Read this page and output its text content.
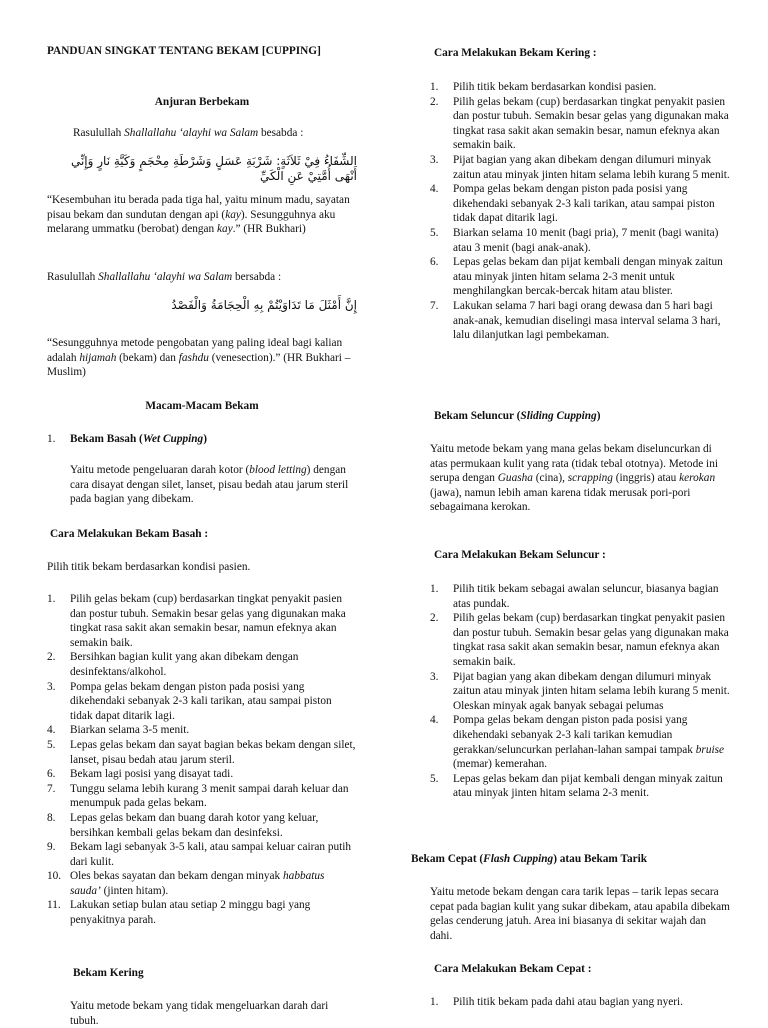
PANDUAN SINGKAT TENTANG BEKAM [CUPPING]
Anjuran Berbekam
Rasulullah Shallallahu ‘alayhi wa Salam besabda :
الشِّفَاءُ فِيْ ثَلاَثَةٍ: شَرْبَةِ عَسَلٍ وَشَرْطَةِ مِحْجَمٍ وَكَيَّةِ نَارٍ وَإِنِّي أَنْهَى أُمَّتِيْ عَنِ الْكَيِّ
“Kesembuhan itu berada pada tiga hal, yaitu minum madu, sayatan pisau bekam dan sundutan dengan api (kay). Sesungguhnya aku melarang ummatku (berobat) dengan kay.” (HR Bukhari)
Rasulullah Shallallahu ‘alayhi wa Salam bersabda :
إِنَّ أَمْثَلَ مَا تَدَاوَيْتُمْ بِهِ الْحِجَامَةُ وَالْفَصْدُ
“Sesungguhnya metode pengobatan yang paling ideal bagi kalian adalah hijamah (bekam) dan fashdu (venesection).” (HR Bukhari – Muslim)
Macam-Macam Bekam
1. Bekam Basah (Wet Cupping)
Yaitu metode pengeluaran darah kotor (blood letting) dengan cara disayat dengan silet, lanset, pisau bedah atau jarum steril pada bagian yang dibekam.
Cara Melakukan Bekam Basah :
Pilih titik bekam berdasarkan kondisi pasien.
1. Pilih gelas bekam (cup) berdasarkan tingkat penyakit pasien dan postur tubuh. Semakin besar gelas yang digunakan maka tingkat rasa sakit akan semakin besar, namun efeknya akan semakin baik.
2. Bersihkan bagian kulit yang akan dibekam dengan desinfektans/alkohol.
3. Pompa gelas bekam dengan piston pada posisi yang dikehendaki sebanyak 2-3 kali tarikan, atau sampai piston tidak dapat ditarik lagi.
4. Biarkan selama 3-5 menit.
5. Lepas gelas bekam dan sayat bagian bekas bekam dengan silet, lanset, pisau bedah atau jarum steril.
6. Bekam lagi posisi yang disayat tadi.
7. Tunggu selama lebih kurang 3 menit sampai darah keluar dan menumpuk pada gelas bekam.
8. Lepas gelas bekam dan buang darah kotor yang keluar, bersihkan kembali gelas bekam dan desinfeksi.
9. Bekam lagi sebanyak 3-5 kali, atau sampai keluar cairan putih dari kulit.
10. Oles bekas sayatan dan bekam dengan minyak habbatus sauda’ (jinten hitam).
11. Lakukan setiap bulan atau setiap 2 minggu bagi yang penyakitnya parah.
Bekam Kering
Yaitu metode bekam yang tidak mengeluarkan darah dari tubuh.
Cara Melakukan Bekam Kering :
1. Pilih titik bekam berdasarkan kondisi pasien.
2. Pilih gelas bekam (cup) berdasarkan tingkat penyakit pasien dan postur tubuh. Semakin besar gelas yang digunakan maka tingkat rasa sakit akan semakin besar, namun efeknya akan semakin baik.
3. Pijat bagian yang akan dibekam dengan dilumuri minyak zaitun atau minyak jinten hitam selama lebih kurang 5 menit.
4. Pompa gelas bekam dengan piston pada posisi yang dikehendaki sebanyak 2-3 kali tarikan, atau sampai piston tidak dapat ditarik lagi.
5. Biarkan selama 10 menit (bagi pria), 7 menit (bagi wanita) atau 3 menit (bagi anak-anak).
6. Lepas gelas bekam dan pijat kembali dengan minyak zaitun atau minyak jinten hitam selama 2-3 menit untuk menghilangkan bercak-bercak hitam atau blister.
7. Lakukan selama 7 hari bagi orang dewasa dan 5 hari bagi anak-anak, kemudian diselingi masa interval selama 3 hari, lalu dilanjutkan lagi pembekaman.
Bekam Seluncur (Sliding Cupping)
Yaitu metode bekam yang mana gelas bekam diseluncurkan di atas permukaan kulit yang rata (tidak tebal ototnya). Metode ini serupa dengan Guasha (cina), scrapping (inggris) atau kerokan (jawa), namun lebih aman karena tidak merusak pori-pori sebagaimana kerokan.
Cara Melakukan Bekam Seluncur :
1. Pilih titik bekam sebagai awalan seluncur, biasanya bagian atas pundak.
2. Pilih gelas bekam (cup) berdasarkan tingkat penyakit pasien dan postur tubuh. Semakin besar gelas yang digunakan maka tingkat rasa sakit akan semakin besar, namun efeknya akan semakin baik.
3. Pijat bagian yang akan dibekam dengan dilumuri minyak zaitun atau minyak jinten hitam selama lebih kurang 5 menit. Oleskan minyak agak banyak sebagai pelumas
4. Pompa gelas bekam dengan piston pada posisi yang dikehendaki sebanyak 2-3 kali tarikan kemudian gerakkan/seluncurkan perlahan-lahan sampai tampak bruise (memar) kemerahan.
5. Lepas gelas bekam dan pijat kembali dengan minyak zaitun atau minyak jinten hitam selama 2-3 menit.
Bekam Cepat (Flash Cupping) atau Bekam Tarik
Yaitu metode bekam dengan cara tarik lepas – tarik lepas secara cepat pada bagian kulit yang sukar dibekam, atau apabila dibekam gelas cenderung jatuh. Area ini biasanya di sekitar wajah dan dahi.
Cara Melakukan Bekam Cepat :
1. Pilih titik bekam pada dahi atau bagian yang nyeri.
